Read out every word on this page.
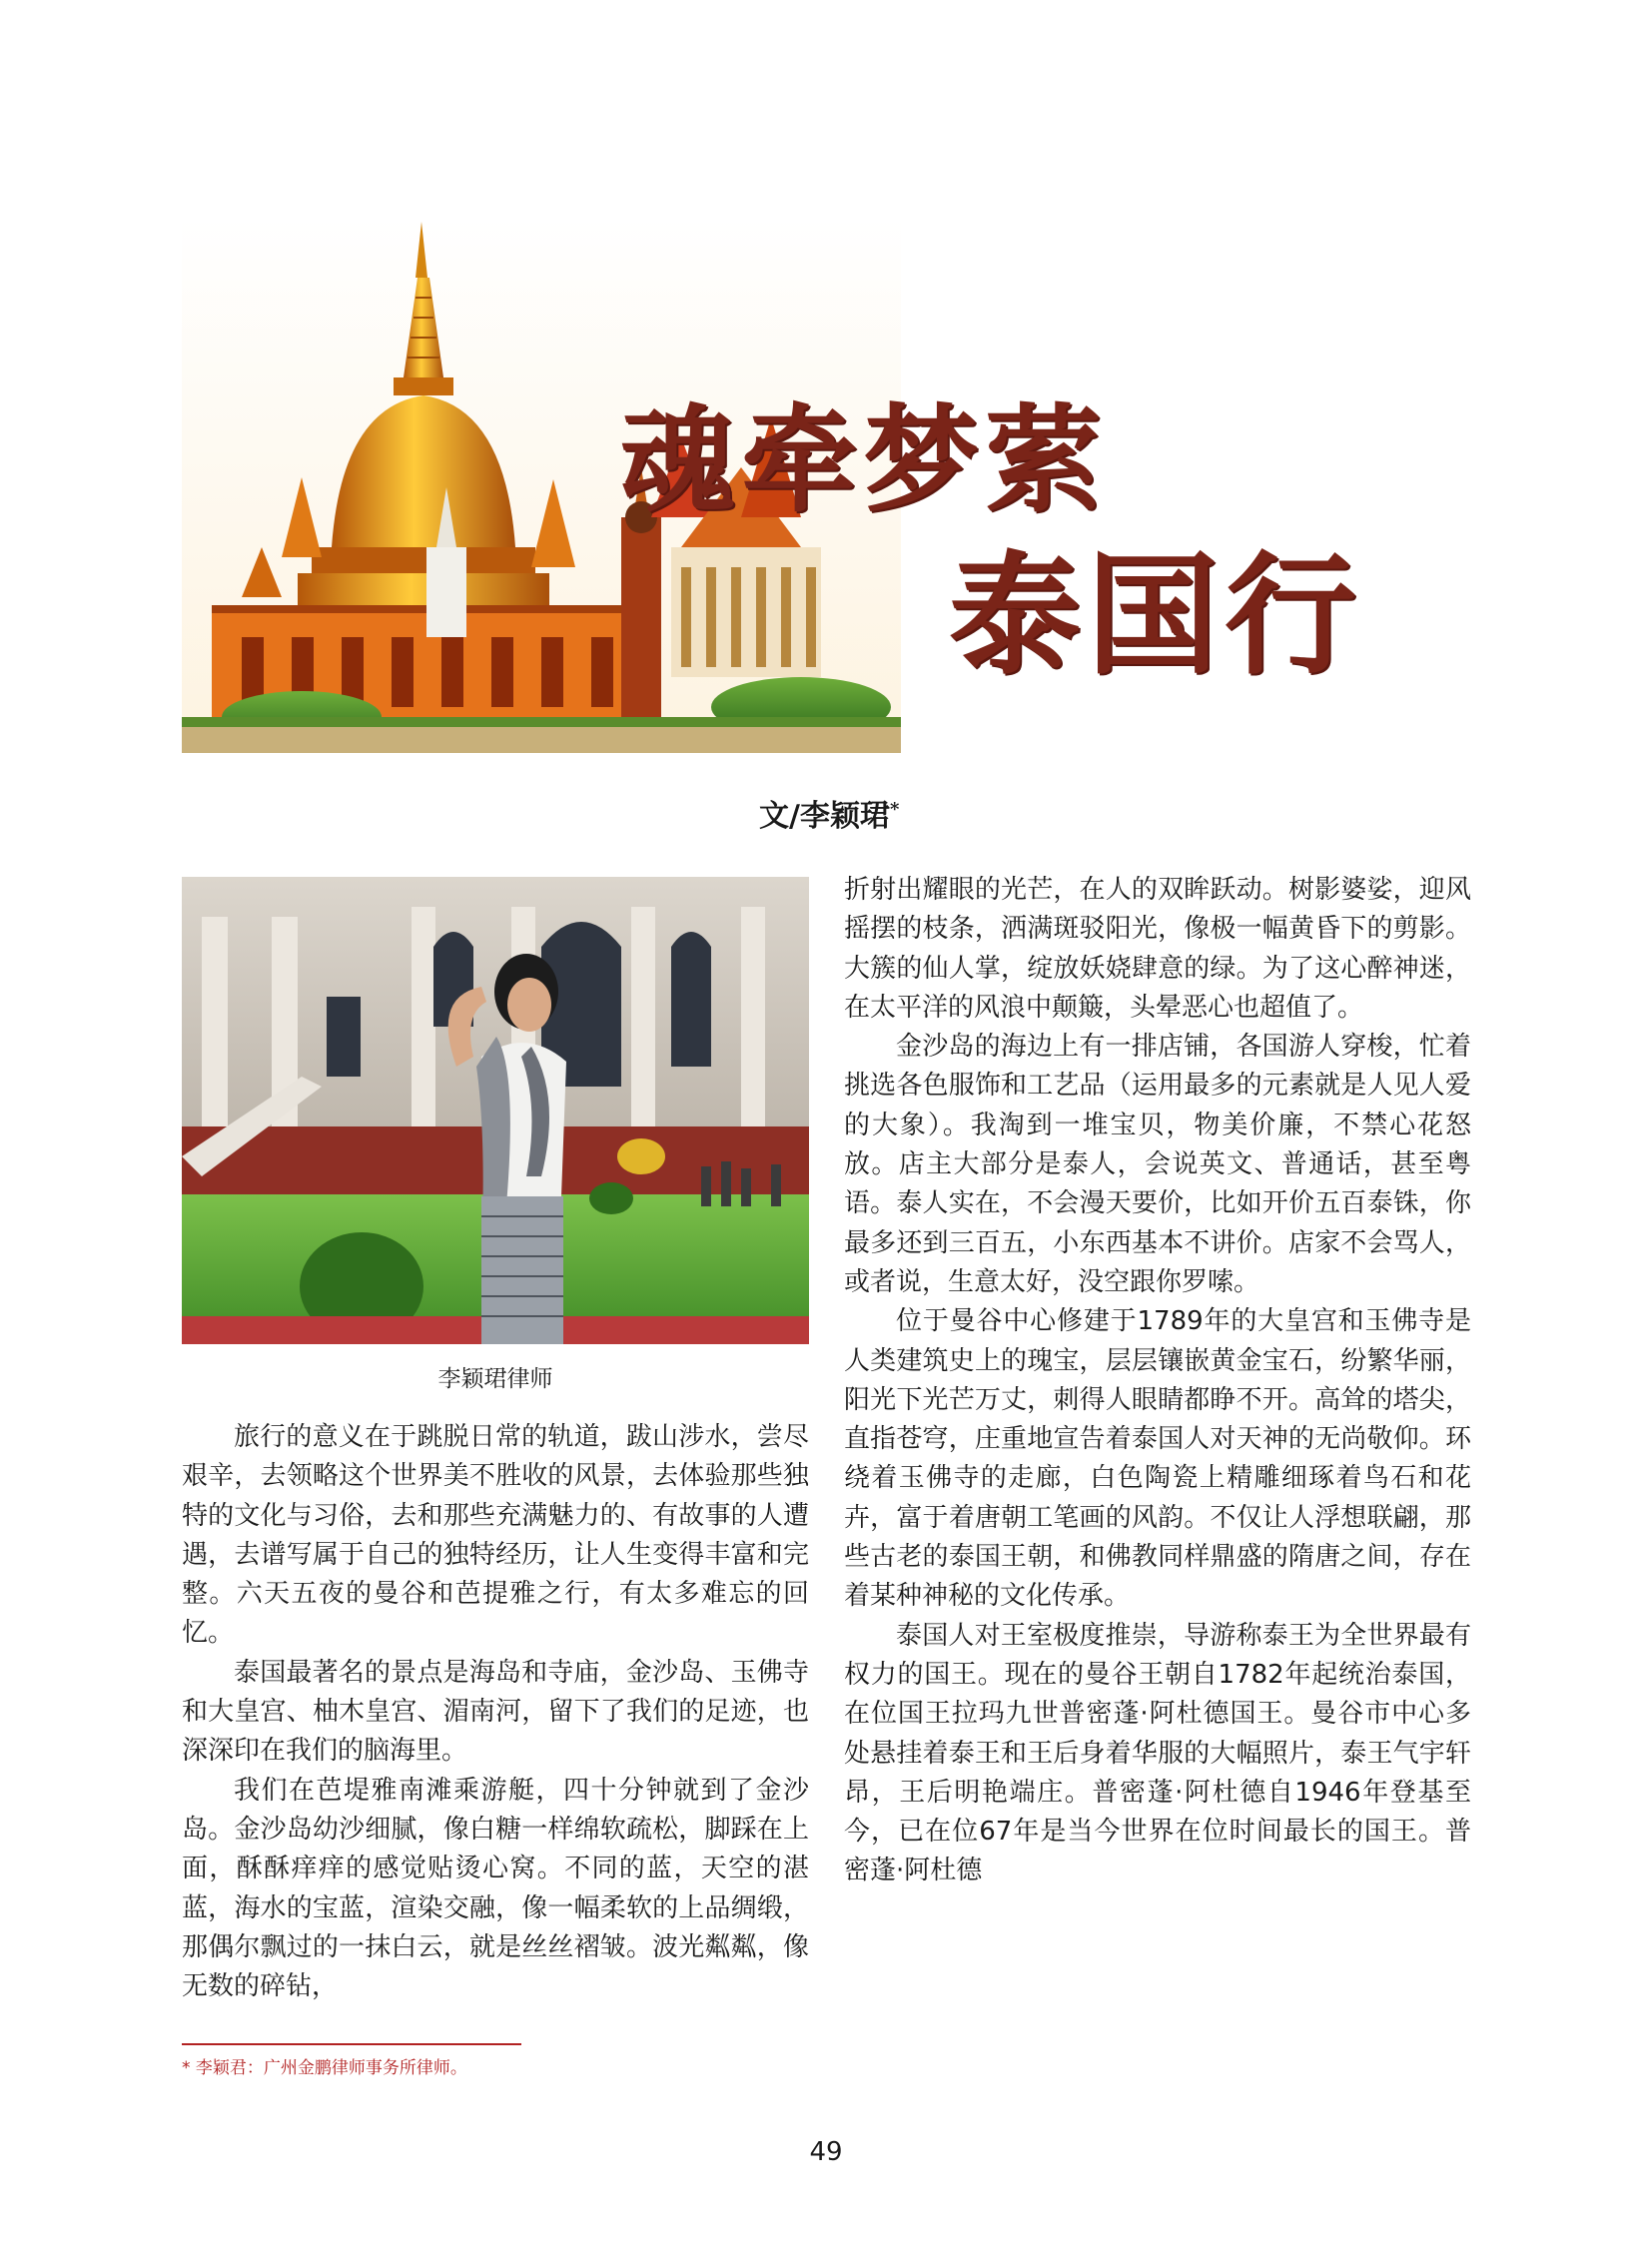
魂牵梦萦
泰国行
文/李颖珺*
李颖珺律师

旅行的意义在于跳脱日常的轨道，跋山涉水，尝尽艰辛，去领略这个世界美不胜收的风景，去体验那些独特的文化与习俗，去和那些充满魅力的、有故事的人遭遇，去谱写属于自己的独特经历，让人生变得丰富和完整。六天五夜的曼谷和芭提雅之行，有太多难忘的回忆。

泰国最著名的景点是海岛和寺庙，金沙岛、玉佛寺和大皇宫、柚木皇宫、湄南河，留下了我们的足迹，也深深印在我们的脑海里。

我们在芭堤雅南滩乘游艇，四十分钟就到了金沙岛。金沙岛幼沙细腻，像白糖一样绵软疏松，脚踩在上面，酥酥痒痒的感觉贴烫心窝。不同的蓝，天空的湛蓝，海水的宝蓝，渲染交融，像一幅柔软的上品绸缎，那偶尔飘过的一抹白云，就是丝丝褶皱。波光粼粼，像无数的碎钻，

折射出耀眼的光芒，在人的双眸跃动。树影婆娑，迎风摇摆的枝条，洒满斑驳阳光，像极一幅黄昏下的剪影。大簇的仙人掌，绽放妖娆肆意的绿。为了这心醉神迷，在太平洋的风浪中颠簸，头晕恶心也超值了。

金沙岛的海边上有一排店铺，各国游人穿梭，忙着挑选各色服饰和工艺品（运用最多的元素就是人见人爱的大象）。我淘到一堆宝贝，物美价廉，不禁心花怒放。店主大部分是泰人，会说英文、普通话，甚至粤语。泰人实在，不会漫天要价，比如开价五百泰铢，你最多还到三百五，小东西基本不讲价。店家不会骂人，或者说，生意太好，没空跟你罗嗦。

位于曼谷中心修建于1789年的大皇宫和玉佛寺是人类建筑史上的瑰宝，层层镶嵌黄金宝石，纷繁华丽，阳光下光芒万丈，刺得人眼睛都睁不开。高耸的塔尖，直指苍穹，庄重地宣告着泰国人对天神的无尚敬仰。环绕着玉佛寺的走廊，白色陶瓷上精雕细琢着鸟石和花卉，富于着唐朝工笔画的风韵。不仅让人浮想联翩，那些古老的泰国王朝，和佛教同样鼎盛的隋唐之间，存在着某种神秘的文化传承。

泰国人对王室极度推崇，导游称泰王为全世界最有权力的国王。现在的曼谷王朝自1782年起统治泰国，在位国王拉玛九世普密蓬·阿杜德国王。曼谷市中心多处悬挂着泰王和王后身着华服的大幅照片，泰王气宇轩昂，王后明艳端庄。普密蓬·阿杜德自1946年登基至今，已在位67年是当今世界在位时间最长的国王。普密蓬·阿杜德

* 李颖君：广州金鹏律师事务所律师。
49
